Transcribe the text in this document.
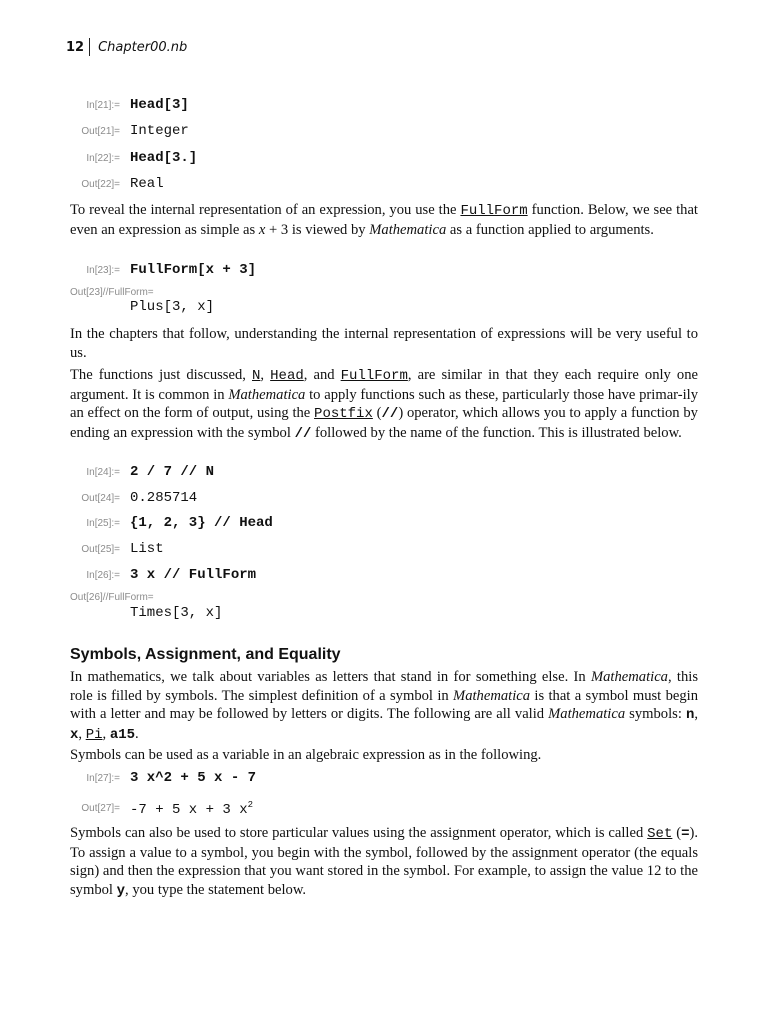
12 Chapter00.nb
In[21]:= Head[3]
Out[21]= Integer
In[22]:= Head[3.]
Out[22]= Real

To reveal the internal representation of an expression, you use the FullForm function. Below, we see that even an expression as simple as x + 3 is viewed by Mathematica as a function applied to arguments.

In[23]:= FullForm[x + 3]
Out[23]//FullForm=
Plus[3, x]

In the chapters that follow, understanding the internal representation of expressions will be very useful to us.

The functions just discussed, N, Head, and FullForm, are similar in that they each require only one argument. It is common in Mathematica to apply functions such as these, particularly those have primar-ily an effect on the form of output, using the Postfix (//) operator, which allows you to apply a function by ending an expression with the symbol // followed by the name of the function. This is illustrated below.

In[24]:= 2 / 7 // N
Out[24]= 0.285714
In[25]:= {1, 2, 3} // Head
Out[25]= List
In[26]:= 3 x // FullForm
Out[26]//FullForm=
Times[3, x]
Symbols, Assignment, and Equality

In mathematics, we talk about variables as letters that stand in for something else. In Mathematica, this role is filled by symbols. The simplest definition of a symbol in Mathematica is that a symbol must begin with a letter and may be followed by letters or digits. The following are all valid Mathematica symbols: n, x, Pi, a15.

Symbols can be used as a variable in an algebraic expression as in the following.

In[27]:= 3 x^2 + 5 x - 7
Out[27]= -7 + 5 x + 3 $x^2$

Symbols can also be used to store particular values using the assignment operator, which is called Set (=). To assign a value to a symbol, you begin with the symbol, followed by the assignment operator (the equals sign) and then the expression that you want stored in the symbol. For example, to assign the value 12 to the symbol y, you type the statement below.
